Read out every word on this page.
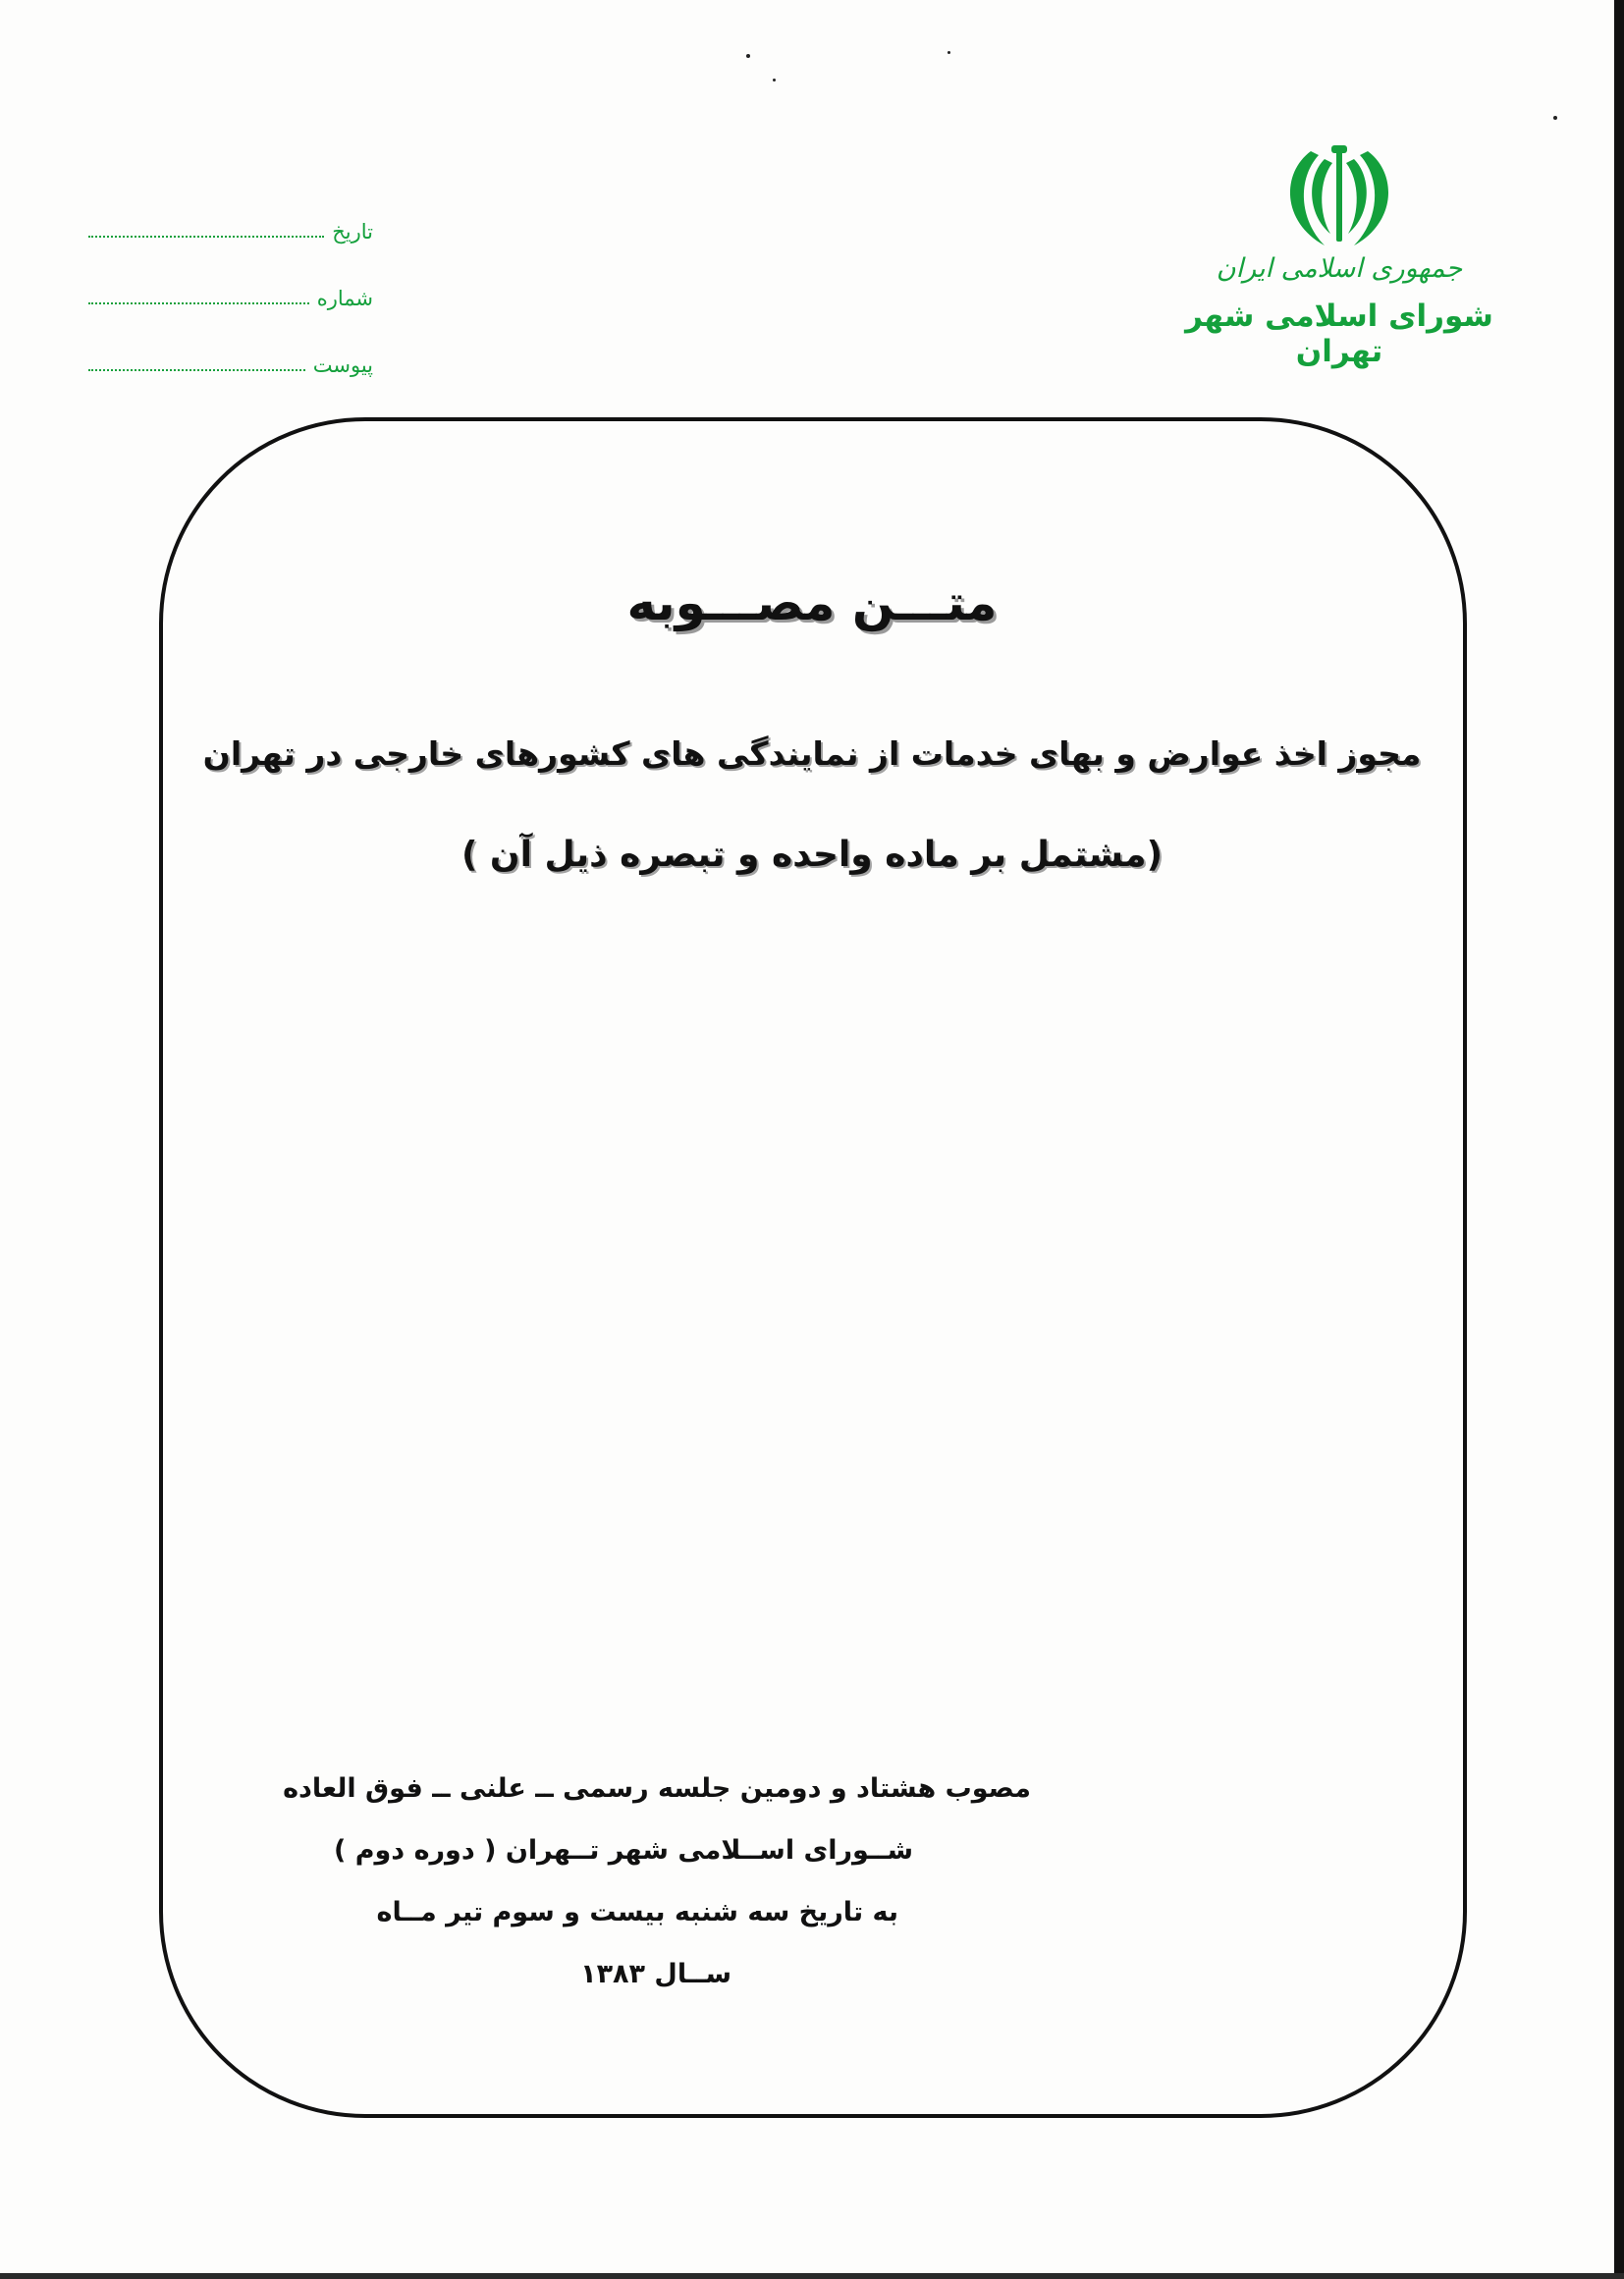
جمهوری اسلامی ایران
شورای اسلامی شهر تهران
تاریخ
شماره
پیوست
متـــن مصـــوبه
مجوز اخذ عوارض و بهای خدمات از نمایندگی های کشورهای خارجی در تهران
(مشتمل بر ماده واحده و تبصره ذیل آن )
مصوب هشتاد و دومین جلسه رسمی ــ علنی ــ فوق العاده
شــورای اســلامی شهر تــهران ( دوره دوم )
به تاریخ سه شنبه بیست و سوم تیر مــاه
ســال ۱۳۸۳
